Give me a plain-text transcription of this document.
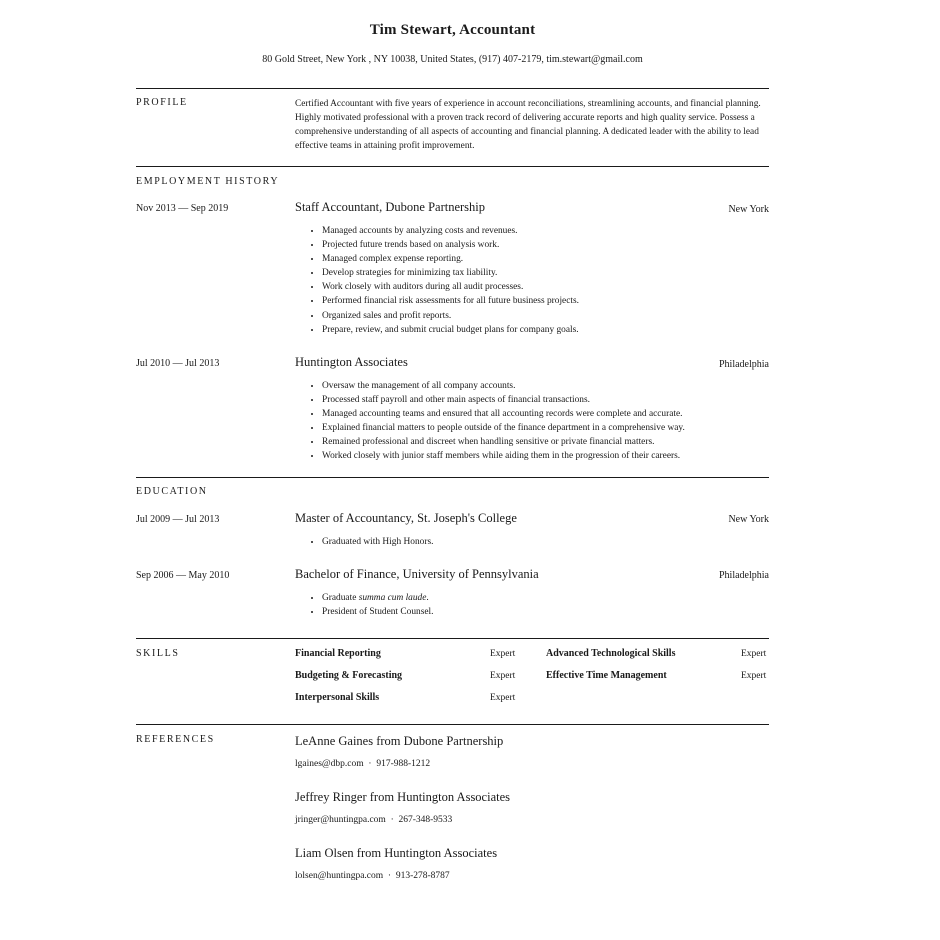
Tim Stewart, Accountant
80 Gold Street, New York , NY 10038, United States, (917) 407-2179, tim.stewart@gmail.com
PROFILE	Certified Accountant with five years of experience in account reconciliations, streamlining accounts, and financial planning. Highly motivated professional with a proven track record of delivering accurate reports and high quality service. Possess a comprehensive understanding of all aspects of accounting and financial planning. A dedicated leader with the ability to lead effective teams in attaining profit improvement.
EMPLOYMENT HISTORY
Nov 2013 — Sep 2019	Staff Accountant, Dubone Partnership	New York
• Managed accounts by analyzing costs and revenues.
• Projected future trends based on analysis work.
• Managed complex expense reporting.
• Develop strategies for minimizing tax liability.
• Work closely with auditors during all audit processes.
• Performed financial risk assessments for all future business projects.
• Organized sales and profit reports.
• Prepare, review, and submit crucial budget plans for company goals.
Jul 2010 — Jul 2013	Huntington Associates	Philadelphia
• Oversaw the management of all company accounts.
• Processed staff payroll and other main aspects of financial transactions.
• Managed accounting teams and ensured that all accounting records were complete and accurate.
• Explained financial matters to people outside of the finance department in a comprehensive way.
• Remained professional and discreet when handling sensitive or private financial matters.
• Worked closely with junior staff members while aiding them in the progression of their careers.
EDUCATION
Jul 2009 — Jul 2013	Master of Accountancy, St. Joseph's College	New York
• Graduated with High Honors.
Sep 2006 — May 2010	Bachelor of Finance, University of Pennsylvania	Philadelphia
• Graduate summa cum laude.
• President of Student Counsel.
SKILLS	Financial Reporting	Expert	Advanced Technological Skills	Expert
Budgeting & Forecasting	Expert	Effective Time Management	Expert
Interpersonal Skills	Expert
REFERENCES	LeAnne Gaines from Dubone Partnership
lgaines@dbp.com · 917-988-1212
Jeffrey Ringer from Huntington Associates
jringer@huntingpa.com · 267-348-9533
Liam Olsen from Huntington Associates
lolsen@huntingpa.com · 913-278-8787
